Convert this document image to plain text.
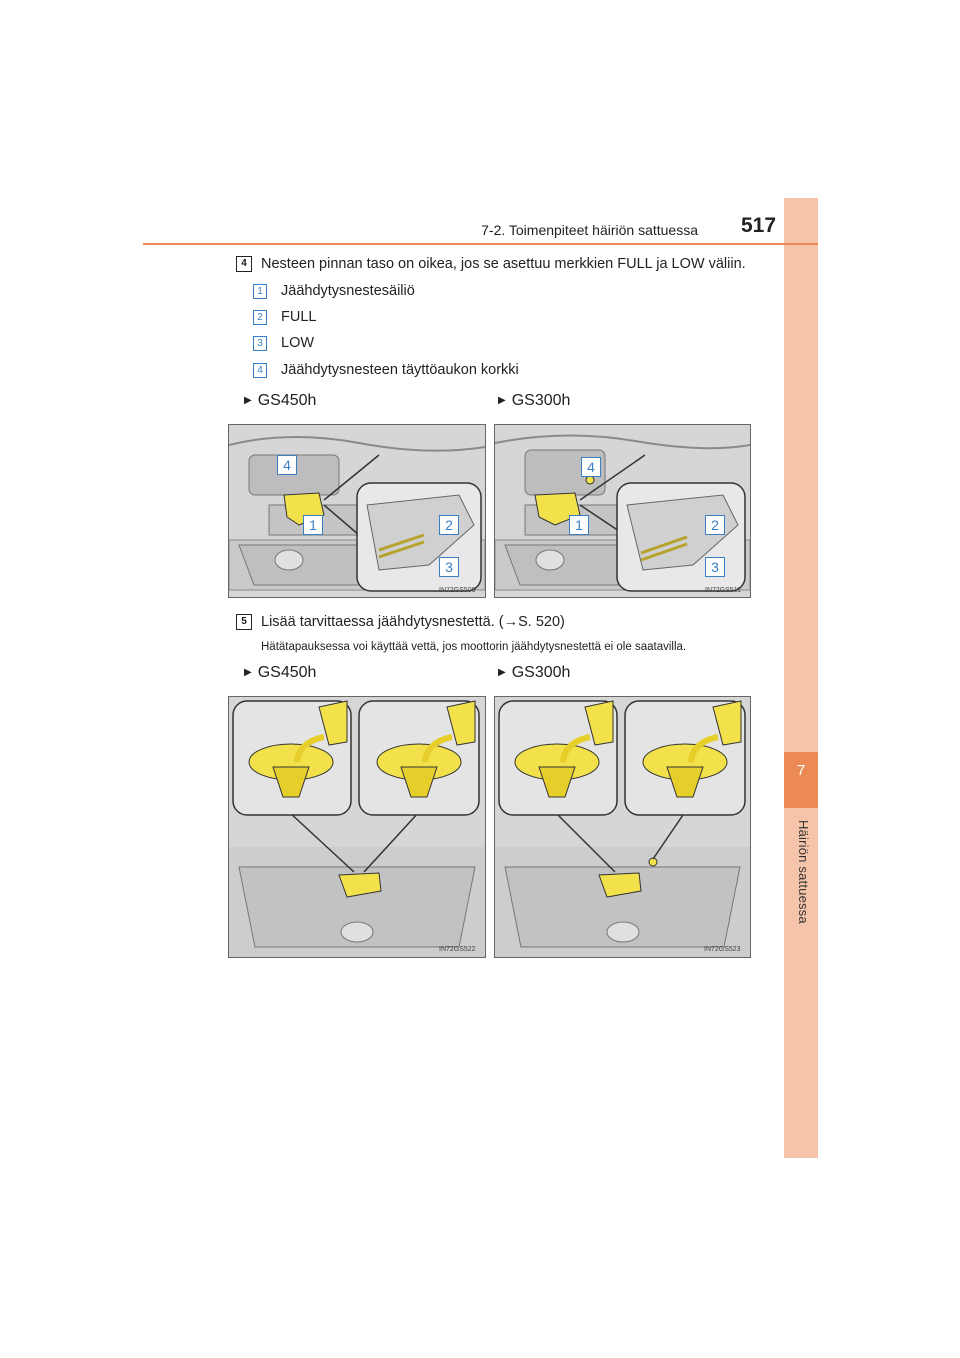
7
Häiriön sattuessa
7-2. Toimenpiteet häiriön sattuessa 517
4 Nesteen pinnan taso on oikea, jos se asettuu merkkien FULL ja LOW väliin.
1 Jäähdytysnestesäiliö
2 FULL
3 LOW
4 Jäähdytysnesteen täyttöaukon korkki
▶ GS450h	▶ GS300h
4
1	2
3
IN72GS509
4
1	2
3
IN72GS511
5 Lisää tarvittaessa jäähdytysnestettä. (→S. 520)
Hätätapauksessa voi käyttää vettä, jos moottorin jäähdytysnestettä ei ole saatavilla.
▶ GS450h	▶ GS300h
IN72GS522	IN72GS523
